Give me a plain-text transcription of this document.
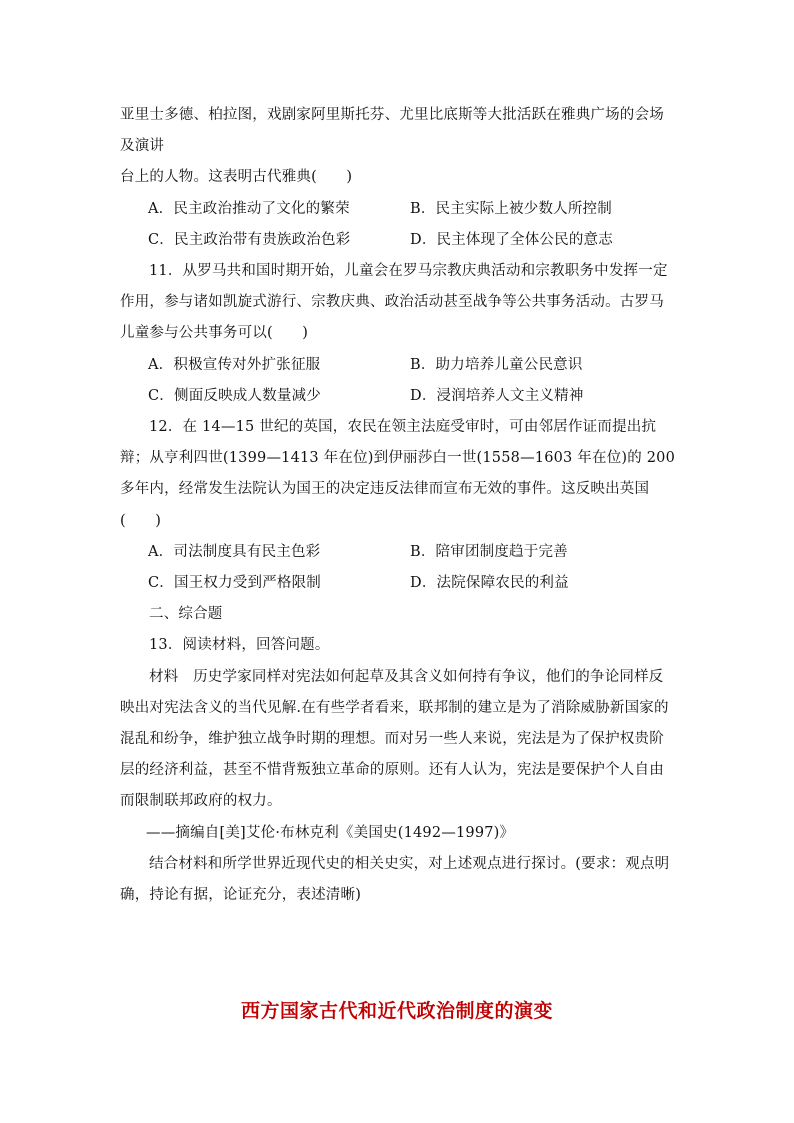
亚里士多德、柏拉图，戏剧家阿里斯托芬、尤里比底斯等大批活跃在雅典广场的会场及演讲

台上的人物。这表明古代雅典(　　)

A．民主政治推动了文化的繁荣	B．民主实际上被少数人所控制
C．民主政治带有贵族政治色彩	D．民主体现了全体公民的意志

11．从罗马共和国时期开始，儿童会在罗马宗教庆典活动和宗教职务中发挥一定作用，参与诸如凯旋式游行、宗教庆典、政治活动甚至战争等公共事务活动。古罗马儿童参与公共事务可以(　　)

A．积极宣传对外扩张征服	B．助力培养儿童公民意识
C．侧面反映成人数量减少	D．浸润培养人文主义精神

12．在 14—15 世纪的英国，农民在领主法庭受审时，可由邻居作证而提出抗辩；从亨利四世(1399—1413 年在位)到伊丽莎白一世(1558—1603 年在位)的 200 多年内，经常发生法院认为国王的决定违反法律而宣布无效的事件。这反映出英国(　　)

A．司法制度具有民主色彩	B．陪审团制度趋于完善
C．国王权力受到严格限制	D．法院保障农民的利益

二、综合题

13．阅读材料，回答问题。

材料　历史学家同样对宪法如何起草及其含义如何持有争议，他们的争论同样反映出对宪法含义的当代见解.在有些学者看来，联邦制的建立是为了消除威胁新国家的混乱和纷争，维护独立战争时期的理想。而对另一些人来说，宪法是为了保护权贵阶层的经济利益，甚至不惜背叛独立革命的原则。还有人认为，宪法是要保护个人自由而限制联邦政府的权力。

——摘编自[美]艾伦·布林克利《美国史(1492—1997)》

结合材料和所学世界近现代史的相关史实，对上述观点进行探讨。(要求：观点明确，持论有据，论证充分，表述清晰)

西方国家古代和近代政治制度的演变
